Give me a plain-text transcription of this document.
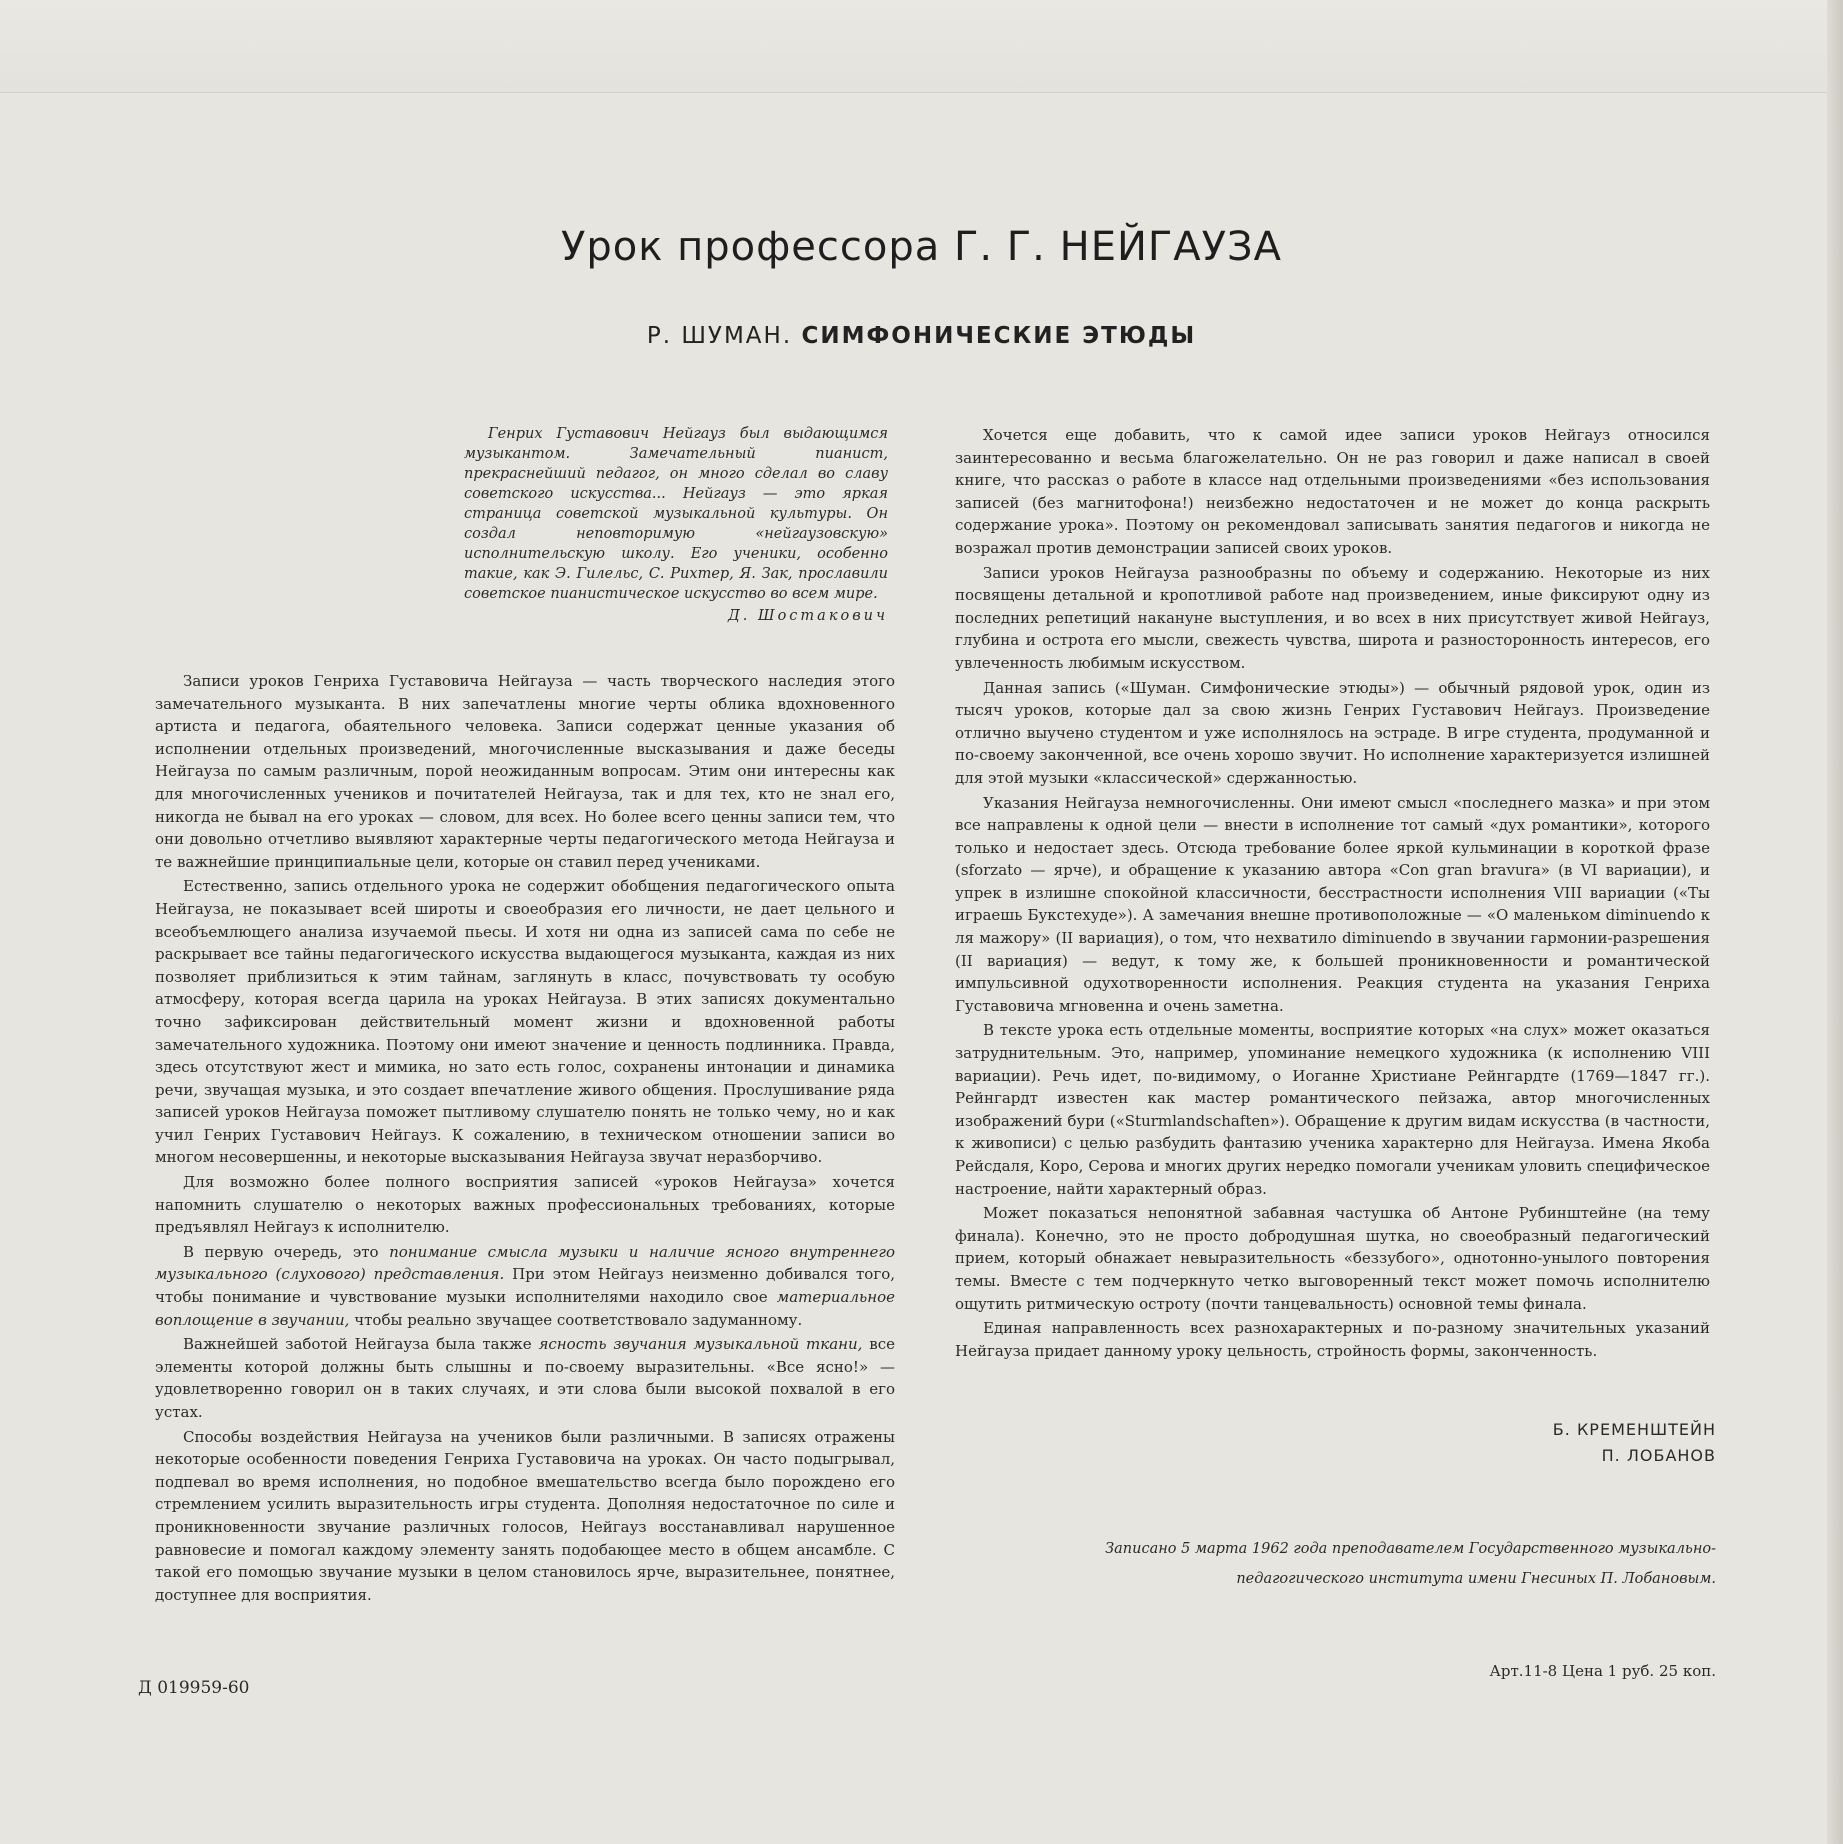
Урок профессора Г. Г. НЕЙГАУЗА
Р. ШУМАН. СИМФОНИЧЕСКИЕ ЭТЮДЫ

Генрих Густавович Нейгауз был выдающимся музыкантом. Замечательный пианист, прекраснейший педагог, он много сделал во славу советского искусства... Нейгауз — это яркая страница советской музыкальной культуры. Он создал неповторимую «нейгаузовскую» исполнительскую школу. Его ученики, особенно такие, как Э. Гилельс, С. Рихтер, Я. Зак, прославили советское пианистическое искусство во всем мире.

Д. Шостакович

Записи уроков Генриха Густавовича Нейгауза — часть творческого наследия этого замечательного музыканта. В них запечатлены многие черты облика вдохновенного артиста и педагога, обаятельного человека. Записи содержат ценные указания об исполнении отдельных произведений, многочисленные высказывания и даже беседы Нейгауза по самым различным, порой неожиданным вопросам. Этим они интересны как для многочисленных учеников и почитателей Нейгауза, так и для тех, кто не знал его, никогда не бывал на его уроках — словом, для всех. Но более всего ценны записи тем, что они довольно отчетливо выявляют характерные черты педагогического метода Нейгауза и те важнейшие принципиальные цели, которые он ставил перед учениками.

Естественно, запись отдельного урока не содержит обобщения педагогического опыта Нейгауза, не показывает всей широты и своеобразия его личности, не дает цельного и всеобъемлющего анализа изучаемой пьесы. И хотя ни одна из записей сама по себе не раскрывает все тайны педагогического искусства выдающегося музыканта, каждая из них позволяет приблизиться к этим тайнам, заглянуть в класс, почувствовать ту особую атмосферу, которая всегда царила на уроках Нейгауза. В этих записях документально точно зафиксирован действительный момент жизни и вдохновенной работы замечательного художника. Поэтому они имеют значение и ценность подлинника. Правда, здесь отсутствуют жест и мимика, но зато есть голос, сохранены интонации и динамика речи, звучащая музыка, и это создает впечатление живого общения. Прослушивание ряда записей уроков Нейгауза поможет пытливому слушателю понять не только чему, но и как учил Генрих Густавович Нейгауз. К сожалению, в техническом отношении записи во многом несовершенны, и некоторые высказывания Нейгауза звучат неразборчиво.

Для возможно более полного восприятия записей «уроков Нейгауза» хочется напомнить слушателю о некоторых важных профессиональных требованиях, которые предъявлял Нейгауз к исполнителю.

В первую очередь, это понимание смысла музыки и наличие ясного внутреннего музыкального (слухового) представления. При этом Нейгауз неизменно добивался того, чтобы понимание и чувствование музыки исполнителями находило свое материальное воплощение в звучании, чтобы реально звучащее соответствовало задуманному.

Важнейшей заботой Нейгауза была также ясность звучания музыкальной ткани, все элементы которой должны быть слышны и по-своему выразительны. «Все ясно!» — удовлетворенно говорил он в таких случаях, и эти слова были высокой похвалой в его устах.

Способы воздействия Нейгауза на учеников были различными. В записях отражены некоторые особенности поведения Генриха Густавовича на уроках. Он часто подыгрывал, подпевал во время исполнения, но подобное вмешательство всегда было порождено его стремлением усилить выразительность игры студента. Дополняя недостаточное по силе и проникновенности звучание различных голосов, Нейгауз восстанавливал нарушенное равновесие и помогал каждому элементу занять подобающее место в общем ансамбле. С такой его помощью звучание музыки в целом становилось ярче, выразительнее, понятнее, доступнее для восприятия.

Хочется еще добавить, что к самой идее записи уроков Нейгауз относился заинтересованно и весьма благожелательно. Он не раз говорил и даже написал в своей книге, что рассказ о работе в классе над отдельными произведениями «без использования записей (без магнитофона!) неизбежно недостаточен и не может до конца раскрыть содержание урока». Поэтому он рекомендовал записывать занятия педагогов и никогда не возражал против демонстрации записей своих уроков.

Записи уроков Нейгауза разнообразны по объему и содержанию. Некоторые из них посвящены детальной и кропотливой работе над произведением, иные фиксируют одну из последних репетиций накануне выступления, и во всех в них присутствует живой Нейгауз, глубина и острота его мысли, свежесть чувства, широта и разносторонность интересов, его увлеченность любимым искусством.

Данная запись («Шуман. Симфонические этюды») — обычный рядовой урок, один из тысяч уроков, которые дал за свою жизнь Генрих Густавович Нейгауз. Произведение отлично выучено студентом и уже исполнялось на эстраде. В игре студента, продуманной и по-своему законченной, все очень хорошо звучит. Но исполнение характеризуется излишней для этой музыки «классической» сдержанностью.

Указания Нейгауза немногочисленны. Они имеют смысл «последнего мазка» и при этом все направлены к одной цели — внести в исполнение тот самый «дух романтики», которого только и недостает здесь. Отсюда требование более яркой кульминации в короткой фразе (sforzato — ярче), и обращение к указанию автора «Con gran bravura» (в VI вариации), и упрек в излишне спокойной классичности, бесстрастности исполнения VIII вариации («Ты играешь Букстехуде»). А замечания внешне противоположные — «О маленьком diminuendo к ля мажору» (II вариация), о том, что нехватило diminuendo в звучании гармонии-разрешения (II вариация) — ведут, к тому же, к большей проникновенности и романтической импульсивной одухотворенности исполнения. Реакция студента на указания Генриха Густавовича мгновенна и очень заметна.

В тексте урока есть отдельные моменты, восприятие которых «на слух» может оказаться затруднительным. Это, например, упоминание немецкого художника (к исполнению VIII вариации). Речь идет, по-видимому, о Иоганне Христиане Рейнгардте (1769—1847 гг.). Рейнгардт известен как мастер романтического пейзажа, автор многочисленных изображений бури («Sturmlandschaften»). Обращение к другим видам искусства (в частности, к живописи) с целью разбудить фантазию ученика характерно для Нейгауза. Имена Якоба Рейсдаля, Коро, Серова и многих других нередко помогали ученикам уловить специфическое настроение, найти характерный образ.

Может показаться непонятной забавная частушка об Антоне Рубинштейне (на тему финала). Конечно, это не просто добродушная шутка, но своеобразный педагогический прием, который обнажает невыразительность «беззубого», однотонно-унылого повторения темы. Вместе с тем подчеркнуто четко выговоренный текст может помочь исполнителю ощутить ритмическую остроту (почти танцевальность) основной темы финала.

Единая направленность всех разнохарактерных и по-разному значительных указаний Нейгауза придает данному уроку цельность, стройность формы, законченность.

Б. КРЕМЕНШТЕЙН
П. ЛОБАНОВ
Записано 5 марта 1962 года преподавателем Государственного музыкально-
педагогического института имени Гнесиных П. Лобановым.
Арт.11-8 Цена 1 руб. 25 коп.
Д 019959-60
